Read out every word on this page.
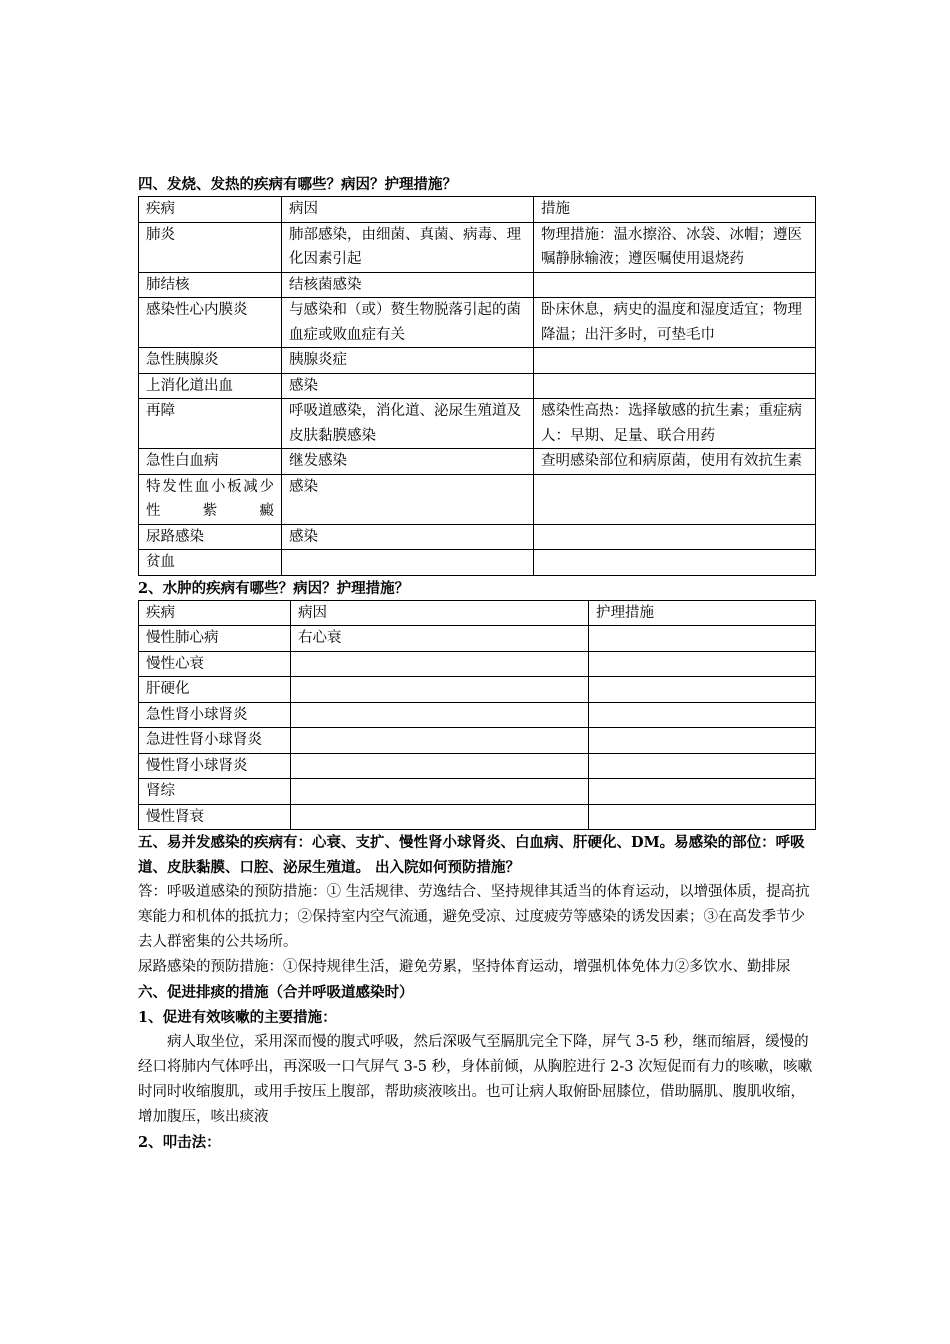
四、发烧、发热的疾病有哪些？病因？护理措施？

疾病	病因	措施
肺炎	肺部感染，由细菌、真菌、病毒、理化因素引起	物理措施：温水擦浴、冰袋、冰帽；遵医嘱静脉输液；遵医嘱使用退烧药
肺结核	结核菌感染	
感染性心内膜炎	与感染和（或）赘生物脱落引起的菌血症或败血症有关	卧床休息，病史的温度和湿度适宜；物理降温；出汗多时，可垫毛巾
急性胰腺炎	胰腺炎症	
上消化道出血	感染	
再障	呼吸道感染，消化道、泌尿生殖道及皮肤黏膜感染	感染性高热：选择敏感的抗生素；重症病人：早期、足量、联合用药
急性白血病	继发感染	查明感染部位和病原菌，使用有效抗生素
特发性血小板减少性紫癜	感染	
尿路感染	感染	
贫血		

2、水肿的疾病有哪些？病因？护理措施？

疾病	病因	护理措施
慢性肺心病	右心衰	
慢性心衰		
肝硬化		
急性肾小球肾炎		
急进性肾小球肾炎		
慢性肾小球肾炎		
肾综		
慢性肾衰		

五、易并发感染的疾病有：心衰、支扩、慢性肾小球肾炎、白血病、肝硬化、DM。易感染的部位：呼吸道、皮肤黏膜、口腔、泌尿生殖道。 出入院如何预防措施？

答：呼吸道感染的预防措施：① 生活规律、劳逸结合、坚持规律其适当的体育运动，以增强体质，提高抗寒能力和机体的抵抗力；②保持室内空气流通，避免受凉、过度疲劳等感染的诱发因素；③在高发季节少去人群密集的公共场所。

尿路感染的预防措施：①保持规律生活，避免劳累，坚持体育运动，增强机体免体力②多饮水、勤排尿

六、促进排痰的措施（合并呼吸道感染时）

1、促进有效咳嗽的主要措施：

病人取坐位，采用深而慢的腹式呼吸，然后深吸气至膈肌完全下降，屏气 3-5 秒，继而缩唇，缓慢的经口将肺内气体呼出，再深吸一口气屏气 3-5 秒，身体前倾，从胸腔进行 2-3 次短促而有力的咳嗽，咳嗽时同时收缩腹肌，或用手按压上腹部，帮助痰液咳出。也可让病人取俯卧屈膝位，借助膈肌、腹肌收缩，增加腹压，咳出痰液

2、叩击法：
